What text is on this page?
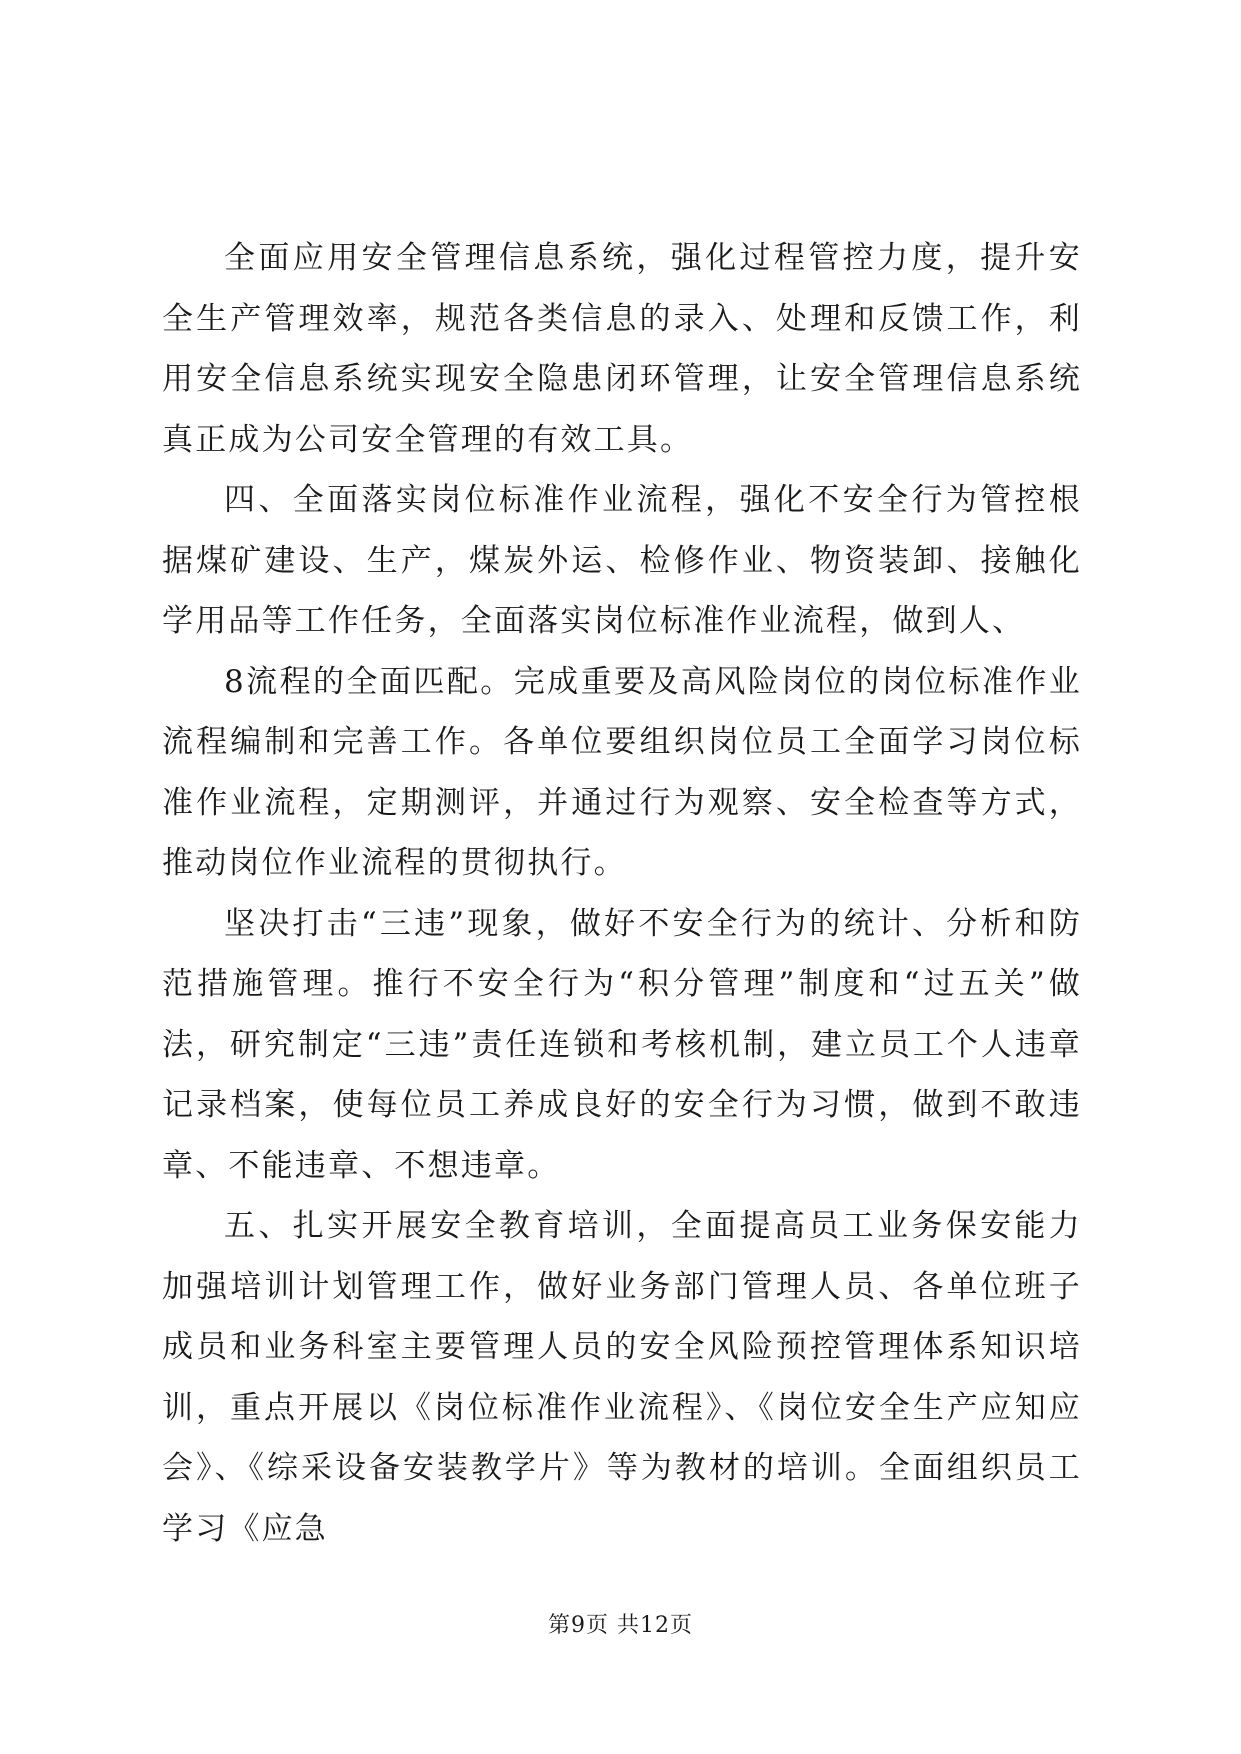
全面应用安全管理信息系统，强化过程管控力度，提升安全生产管理效率，规范各类信息的录入、处理和反馈工作，利用安全信息系统实现安全隐患闭环管理，让安全管理信息系统真正成为公司安全管理的有效工具。

四、全面落实岗位标准作业流程，强化不安全行为管控根据煤矿建设、生产，煤炭外运、检修作业、物资装卸、接触化学用品等工作任务，全面落实岗位标准作业流程，做到人、

8流程的全面匹配。完成重要及高风险岗位的岗位标准作业流程编制和完善工作。各单位要组织岗位员工全面学习岗位标准作业流程，定期测评，并通过行为观察、安全检查等方式，推动岗位作业流程的贯彻执行。

坚决打击“三违”现象，做好不安全行为的统计、分析和防范措施管理。推行不安全行为“积分管理”制度和“过五关”做法，研究制定“三违”责任连锁和考核机制，建立员工个人违章记录档案，使每位员工养成良好的安全行为习惯，做到不敢违章、不能违章、不想违章。

五、扎实开展安全教育培训，全面提高员工业务保安能力加强培训计划管理工作，做好业务部门管理人员、各单位班子成员和业务科室主要管理人员的安全风险预控管理体系知识培训，重点开展以《岗位标准作业流程》、《岗位安全生产应知应会》、《综采设备安装教学片》等为教材的培训。全面组织员工学习《应急

第9页 共12页
